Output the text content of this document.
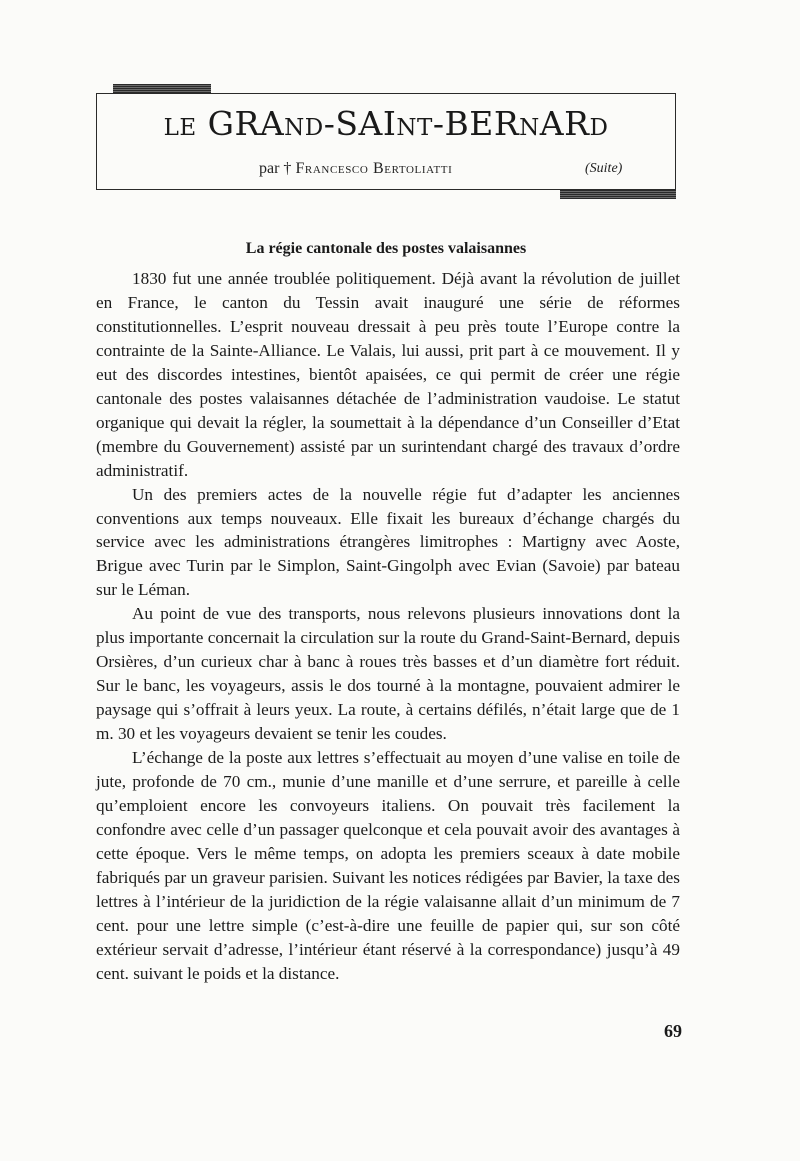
le GRAnd-SAInt-BERnARd
par † Francesco Bertoliatti	(Suite)
La régie cantonale des postes valaisannes

1830 fut une année troublée politiquement. Déjà avant la révolution de juillet en France, le canton du Tessin avait inauguré une série de réformes constitutionnelles. L’esprit nouveau dressait à peu près toute l’Europe contre la contrainte de la Sainte-Alliance. Le Valais, lui aussi, prit part à ce mouvement. Il y eut des discordes intestines, bientôt apaisées, ce qui permit de créer une régie cantonale des postes valaisannes détachée de l’administration vaudoise. Le statut organique qui devait la régler, la soumettait à la dépendance d’un Conseiller d’Etat (membre du Gouvernement) assisté par un surintendant chargé des travaux d’ordre administratif.

Un des premiers actes de la nouvelle régie fut d’adapter les anciennes conventions aux temps nouveaux. Elle fixait les bureaux d’échange chargés du service avec les administrations étrangères limitrophes : Martigny avec Aoste, Brigue avec Turin par le Simplon, Saint-Gingolph avec Evian (Savoie) par bateau sur le Léman.

Au point de vue des transports, nous relevons plusieurs innovations dont la plus importante concernait la circulation sur la route du Grand-Saint-Bernard, depuis Orsières, d’un curieux char à banc à roues très basses et d’un diamètre fort réduit. Sur le banc, les voyageurs, assis le dos tourné à la montagne, pouvaient admirer le paysage qui s’offrait à leurs yeux. La route, à certains défilés, n’était large que de 1 m. 30 et les voyageurs devaient se tenir les coudes.

L’échange de la poste aux lettres s’effectuait au moyen d’une valise en toile de jute, profonde de 70 cm., munie d’une manille et d’une serrure, et pareille à celle qu’emploient encore les convoyeurs italiens. On pouvait très facilement la confondre avec celle d’un passager quelconque et cela pouvait avoir des avantages à cette époque. Vers le même temps, on adopta les premiers sceaux à date mobile fabriqués par un graveur parisien. Suivant les notices rédigées par Bavier, la taxe des lettres à l’intérieur de la juridiction de la régie valaisanne allait d’un minimum de 7 cent. pour une lettre simple (c’est-à-dire une feuille de papier qui, sur son côté extérieur servait d’adresse, l’intérieur étant réservé à la correspondance) jusqu’à 49 cent. suivant le poids et la distance.

69
